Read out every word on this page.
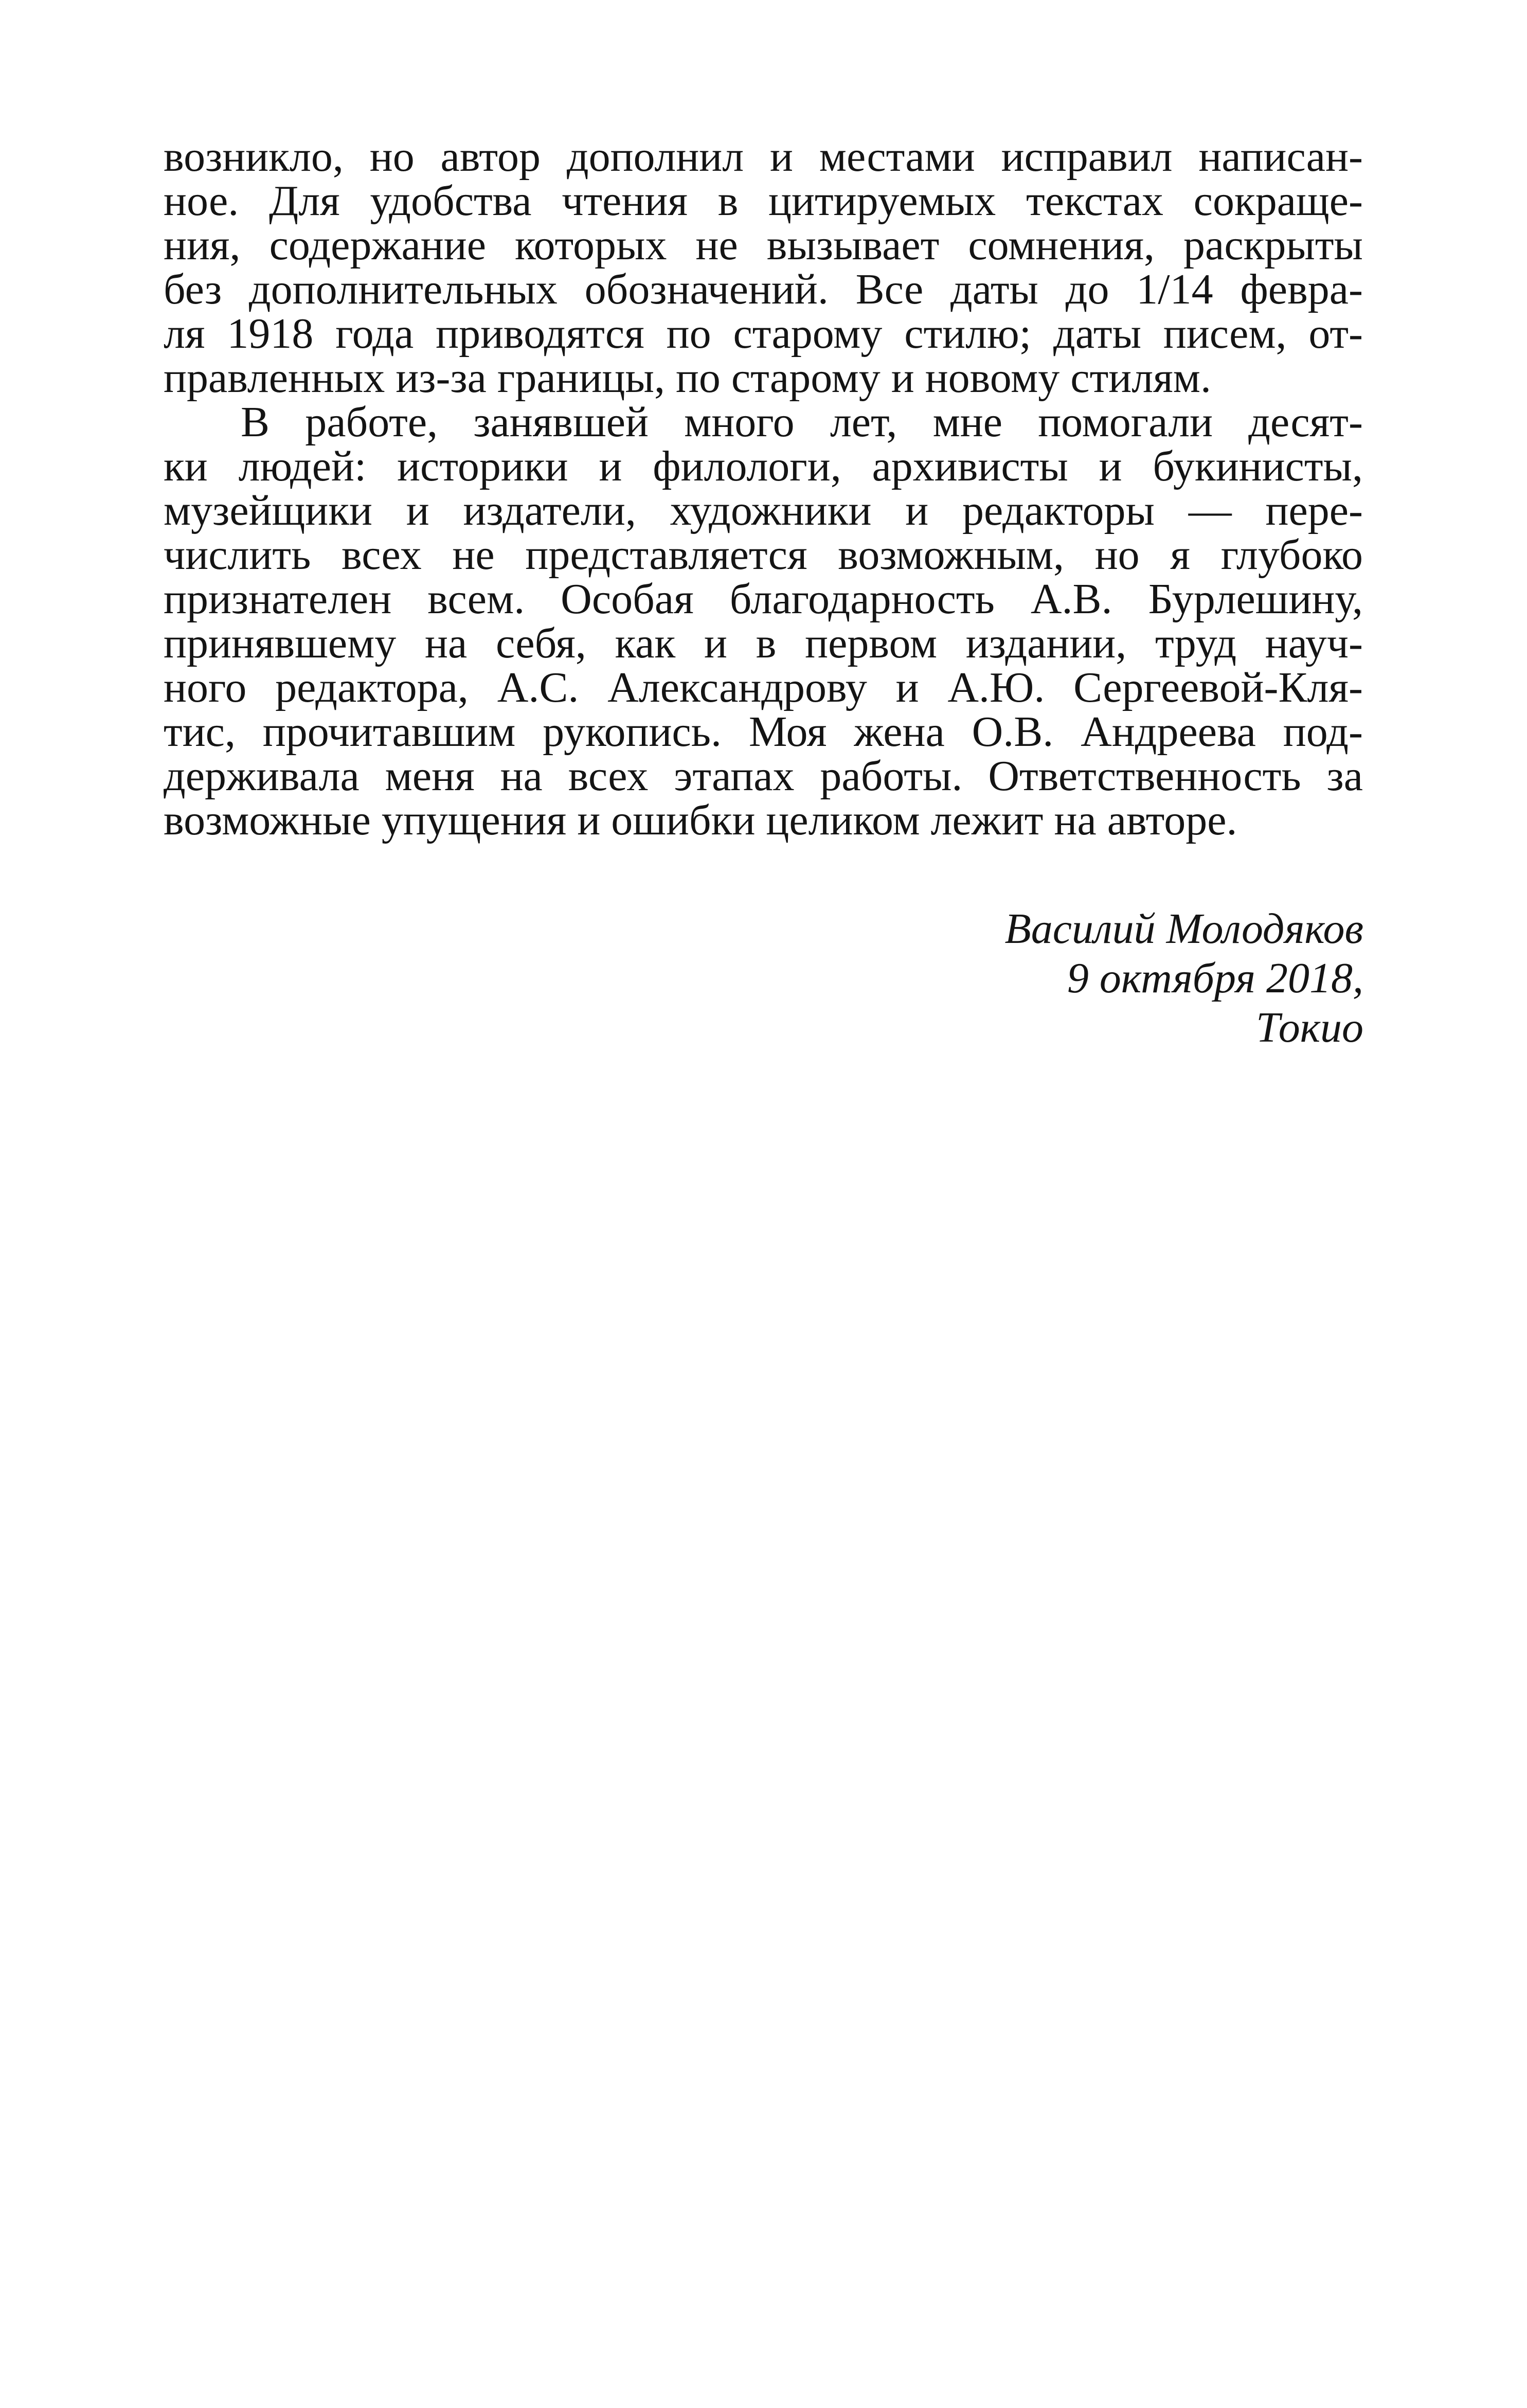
возникло, но автор дополнил и местами исправил написан-
ное. Для удобства чтения в цитируемых текстах сокраще-
ния, содержание которых не вызывает сомнения, раскрыты
без дополнительных обозначений. Все даты до 1/14 февра-
ля 1918 года приводятся по старому стилю; даты писем, от-
правленных из-за границы, по старому и новому стилям.
В работе, занявшей много лет, мне помогали десят-
ки людей: историки и филологи, архивисты и букинисты,
музейщики и издатели, художники и редакторы — пере-
числить всех не представляется возможным, но я глубоко
признателен всем. Особая благодарность А.В. Бурлешину,
принявшему на себя, как и в первом издании, труд науч-
ного редактора, А.С. Александрову и А.Ю. Сергеевой-Кля-
тис, прочитавшим рукопись. Моя жена О.В. Андреева под-
держивала меня на всех этапах работы. Ответственность за
возможные упущения и ошибки целиком лежит на авторе.
Василий Молодяков
9 октября 2018,
Токио
